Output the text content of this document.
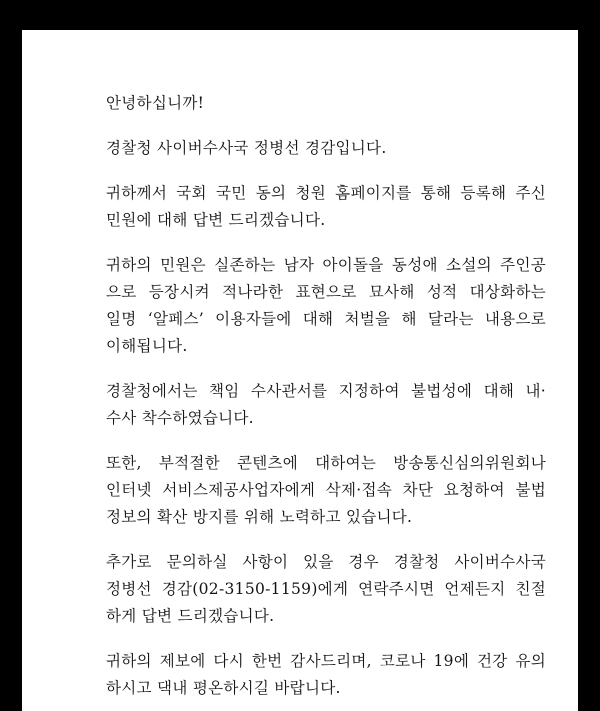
안녕하십니까!

경찰청 사이버수사국 정병선 경감입니다.

귀하께서 국회 국민 동의 청원 홈페이지를 통해 등록해 주신
민원에 대해 답변 드리겠습니다.

귀하의 민원은 실존하는 남자 아이돌을 동성애 소설의 주인공
으로 등장시켜 적나라한 표현으로 묘사해 성적 대상화하는
일명 ‘알페스’ 이용자들에 대해 처벌을 해 달라는 내용으로
이해됩니다.

경찰청에서는 책임 수사관서를 지정하여 불법성에 대해 내·
수사 착수하였습니다.

또한, 부적절한 콘텐츠에 대하여는 방송통신심의위원회나
인터넷 서비스제공사업자에게 삭제·접속 차단 요청하여 불법
정보의 확산 방지를 위해 노력하고 있습니다.

추가로 문의하실 사항이 있을 경우 경찰청 사이버수사국
정병선 경감(02-3150-1159)에게 연락주시면 언제든지 친절
하게 답변 드리겠습니다.

귀하의 제보에 다시 한번 감사드리며, 코로나 19에 건강 유의
하시고 댁내 평온하시길 바랍니다.
